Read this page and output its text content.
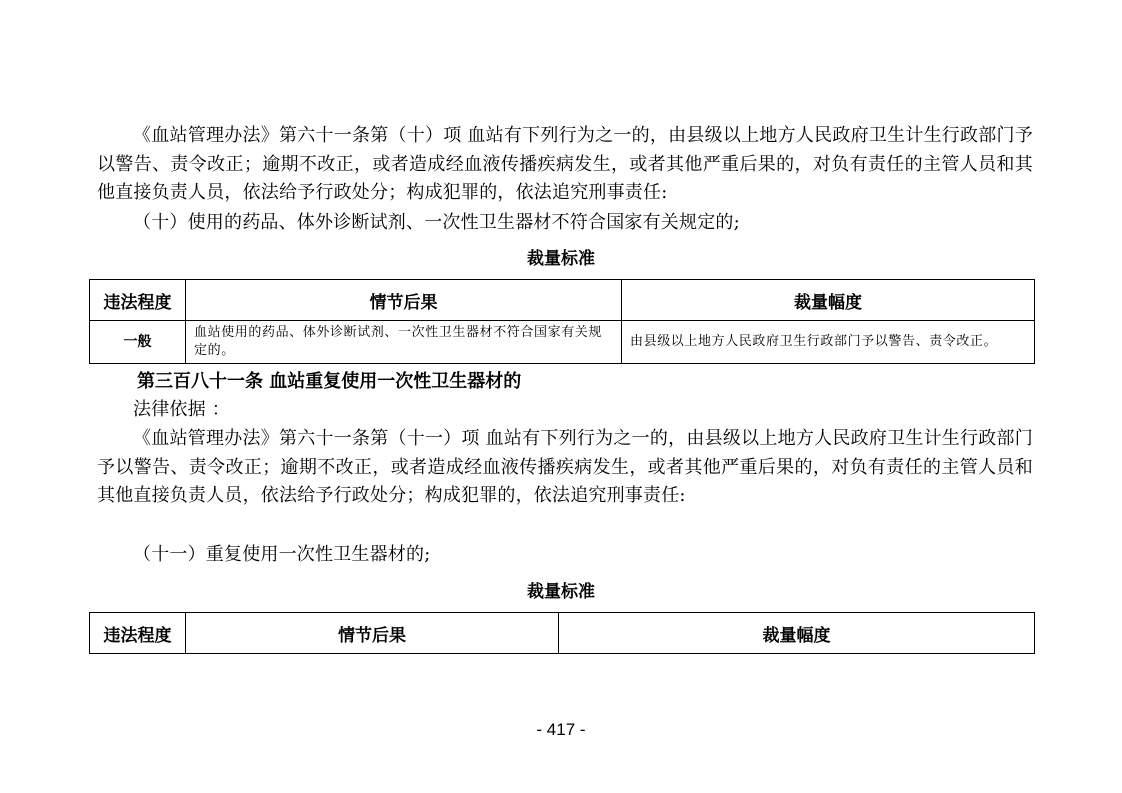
《血站管理办法》第六十一条第（十）项 血站有下列行为之一的，由县级以上地方人民政府卫生计生行政部门予以警告、责令改正；逾期不改正，或者造成经血液传播疾病发生，或者其他严重后果的，对负有责任的主管人员和其他直接负责人员，依法给予行政处分；构成犯罪的，依法追究刑事责任:

（十）使用的药品、体外诊断试剂、一次性卫生器材不符合国家有关规定的;

裁量标准
违法程度	情节后果	裁量幅度
一般	血站使用的药品、体外诊断试剂、一次性卫生器材不符合国家有关规定的。	由县级以上地方人民政府卫生行政部门予以警告、责令改正。
第三百八十一条 血站重复使用一次性卫生器材的

法律依据 ：

《血站管理办法》第六十一条第（十一）项 血站有下列行为之一的，由县级以上地方人民政府卫生计生行政部门予以警告、责令改正；逾期不改正，或者造成经血液传播疾病发生，或者其他严重后果的，对负有责任的主管人员和其他直接负责人员，依法给予行政处分；构成犯罪的，依法追究刑事责任:

（十一）重复使用一次性卫生器材的;

裁量标准
违法程度	情节后果	裁量幅度
- 417 -
